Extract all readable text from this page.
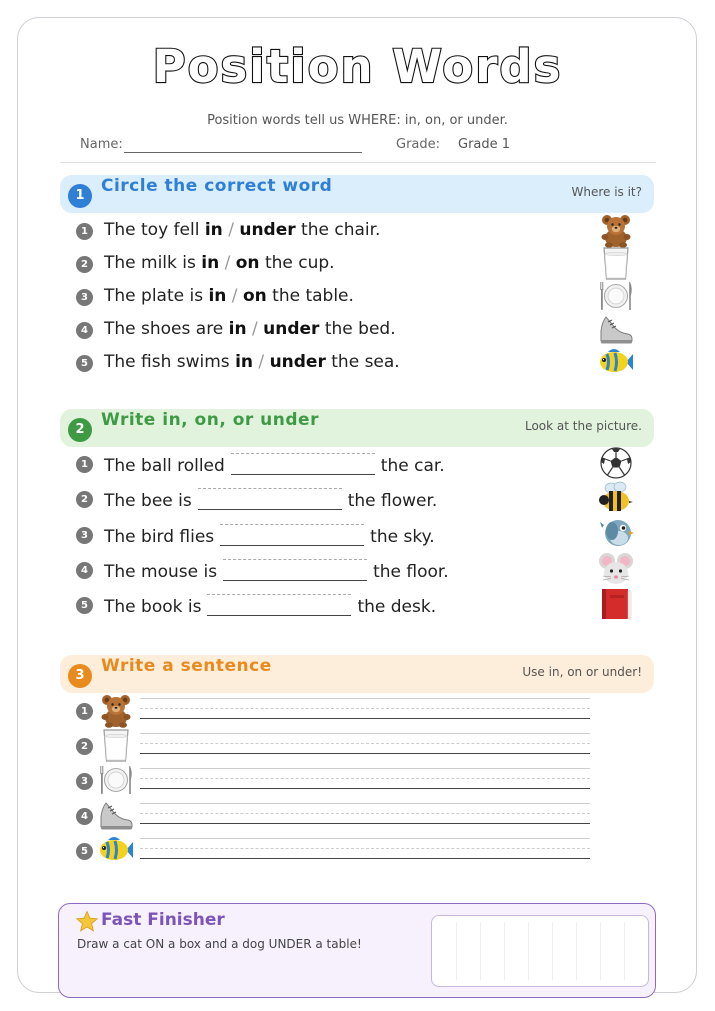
Position Words
Position words tell us WHERE: in, on, or under.
Name:	Grade: Grade 1
1 Circle the correct word	Where is it?
1 The toy fell in / under the chair.
2 The milk is in / on the cup.
3 The plate is in / on the table.
4 The shoes are in / under the bed.
5 The fish swims in / under the sea.
2 Write in, on, or under	Look at the picture.
1 The ball rolled	the car.
2 The bee is	the flower.
3 The bird flies	the sky.
4 The mouse is	the floor.
5 The book is	the desk.
3 Write a sentence	Use in, on or under!
1
2
3
4
5
Fast Finisher
Draw a cat ON a box and a dog UNDER a table!
